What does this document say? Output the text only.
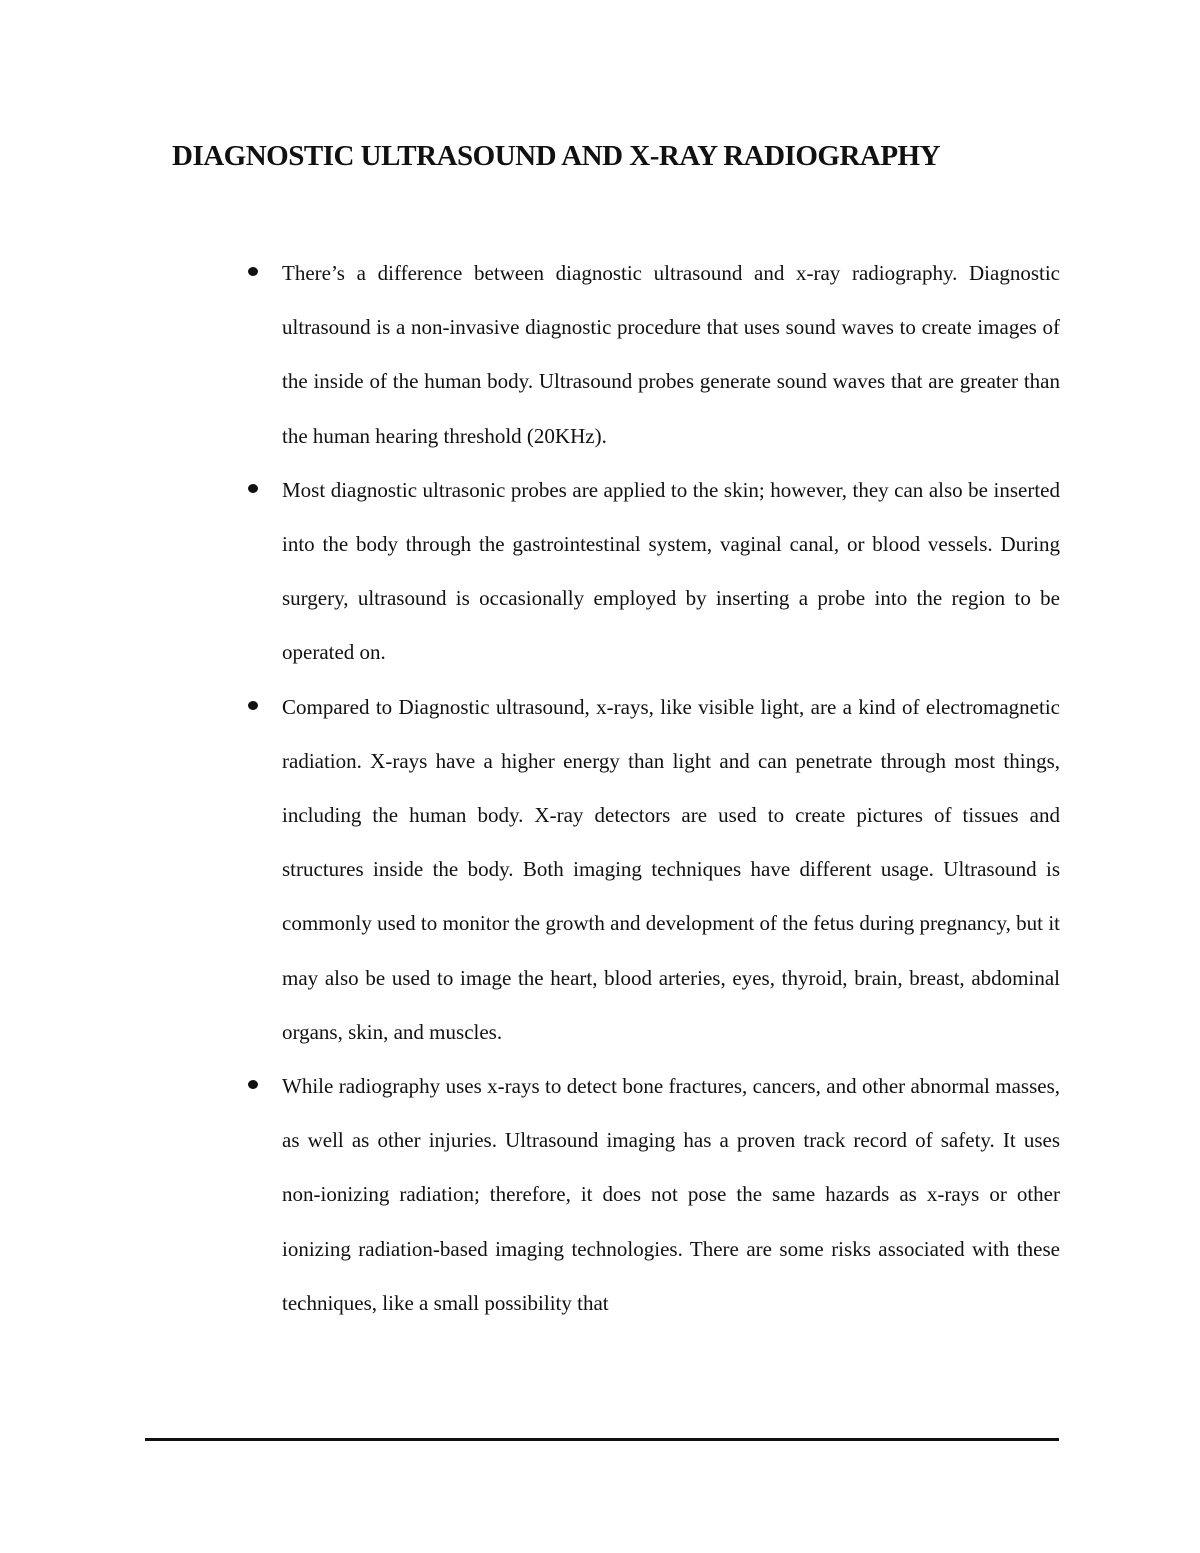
DIAGNOSTIC ULTRASOUND AND X-RAY RADIOGRAPHY
There’s a difference between diagnostic ultrasound and x-ray radiography. Diagnostic ultrasound is a non-invasive diagnostic procedure that uses sound waves to create images of the inside of the human body. Ultrasound probes generate sound waves that are greater than the human hearing threshold (20KHz).
Most diagnostic ultrasonic probes are applied to the skin; however, they can also be inserted into the body through the gastrointestinal system, vaginal canal, or blood vessels. During surgery, ultrasound is occasionally employed by inserting a probe into the region to be operated on.
Compared to Diagnostic ultrasound, x-rays, like visible light, are a kind of electromagnetic radiation. X-rays have a higher energy than light and can penetrate through most things, including the human body. X-ray detectors are used to create pictures of tissues and structures inside the body. Both imaging techniques have different usage. Ultrasound is commonly used to monitor the growth and development of the fetus during pregnancy, but it may also be used to image the heart, blood arteries, eyes, thyroid, brain, breast, abdominal organs, skin, and muscles.
While radiography uses x-rays to detect bone fractures, cancers, and other abnormal masses, as well as other injuries. Ultrasound imaging has a proven track record of safety. It uses non-ionizing radiation; therefore, it does not pose the same hazards as x-rays or other ionizing radiation-based imaging technologies. There are some risks associated with these techniques, like a small possibility that
